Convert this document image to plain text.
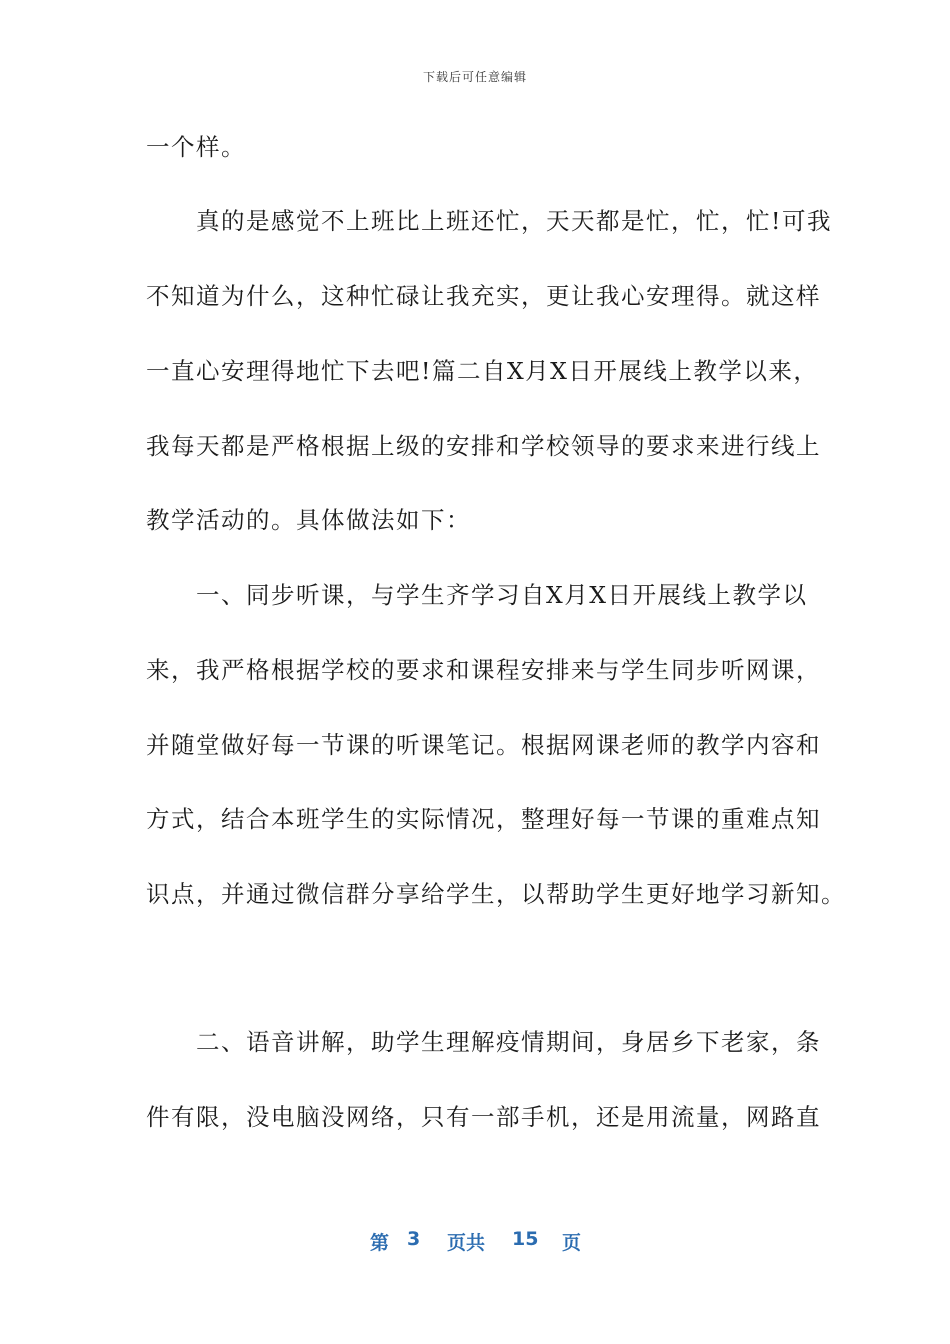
下载后可任意编辑
一个样。
　　真的是感觉不上班比上班还忙，天天都是忙，忙，忙!可我
不知道为什么，这种忙碌让我充实，更让我心安理得。就这样
一直心安理得地忙下去吧!篇二自X月X日开展线上教学以来，
我每天都是严格根据上级的安排和学校领导的要求来进行线上
教学活动的。具体做法如下：
　　一、同步听课，与学生齐学习自X月X日开展线上教学以
来，我严格根据学校的要求和课程安排来与学生同步听网课，
并随堂做好每一节课的听课笔记。根据网课老师的教学内容和
方式，结合本班学生的实际情况，整理好每一节课的重难点知
识点，并通过微信群分享给学生，以帮助学生更好地学习新知。
　　二、语音讲解，助学生理解疫情期间，身居乡下老家，条
件有限，没电脑没网络，只有一部手机，还是用流量，网路直
第 3 页共 15 页
